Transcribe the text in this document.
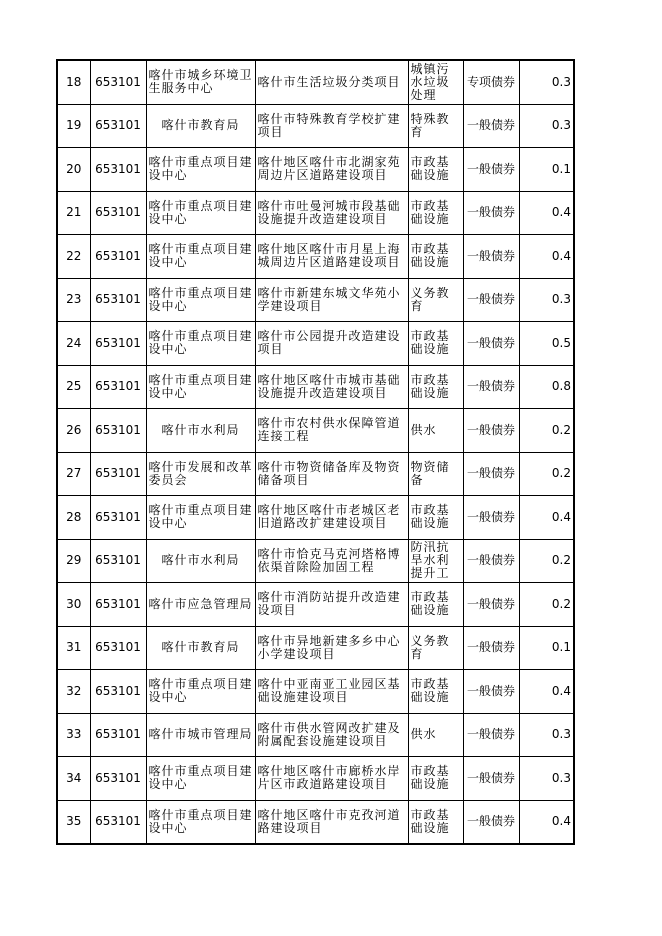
18	653101	喀什市城乡环境卫生服务中心	喀什市生活垃圾分类项目	城镇污水垃圾处理	专项债券	0.3
19	653101	喀什市教育局	喀什市特殊教育学校扩建项目	特殊教育	一般债券	0.3
20	653101	喀什市重点项目建设中心	喀什地区喀什市北湖家苑周边片区道路建设项目	市政基础设施	一般债券	0.1
21	653101	喀什市重点项目建设中心	喀什市吐曼河城市段基础设施提升改造建设项目	市政基础设施	一般债券	0.4
22	653101	喀什市重点项目建设中心	喀什地区喀什市月星上海城周边片区道路建设项目	市政基础设施	一般债券	0.4
23	653101	喀什市重点项目建设中心	喀什市新建东城文华苑小学建设项目	义务教育	一般债券	0.3
24	653101	喀什市重点项目建设中心	喀什市公园提升改造建设项目	市政基础设施	一般债券	0.5
25	653101	喀什市重点项目建设中心	喀什地区喀什市城市基础设施提升改造建设项目	市政基础设施	一般债券	0.8
26	653101	喀什市水利局	喀什市农村供水保障管道连接工程	供水	一般债券	0.2
27	653101	喀什市发展和改革委员会	喀什市物资储备库及物资储备项目	物资储备	一般债券	0.2
28	653101	喀什市重点项目建设中心	喀什地区喀什市老城区老旧道路改扩建建设项目	市政基础设施	一般债券	0.4
29	653101	喀什市水利局	喀什市恰克马克河塔格博依渠首除险加固工程	防汛抗旱水利提升工	一般债券	0.2
30	653101	喀什市应急管理局	喀什市消防站提升改造建设项目	市政基础设施	一般债券	0.2
31	653101	喀什市教育局	喀什市异地新建多乡中心小学建设项目	义务教育	一般债券	0.1
32	653101	喀什市重点项目建设中心	喀什中亚南亚工业园区基础设施建设项目	市政基础设施	一般债券	0.4
33	653101	喀什市城市管理局	喀什市供水管网改扩建及附属配套设施建设项目	供水	一般债券	0.3
34	653101	喀什市重点项目建设中心	喀什地区喀什市廊桥水岸片区市政道路建设项目	市政基础设施	一般债券	0.3
35	653101	喀什市重点项目建设中心	喀什地区喀什市克孜河道路建设项目	市政基础设施	一般债券	0.4
